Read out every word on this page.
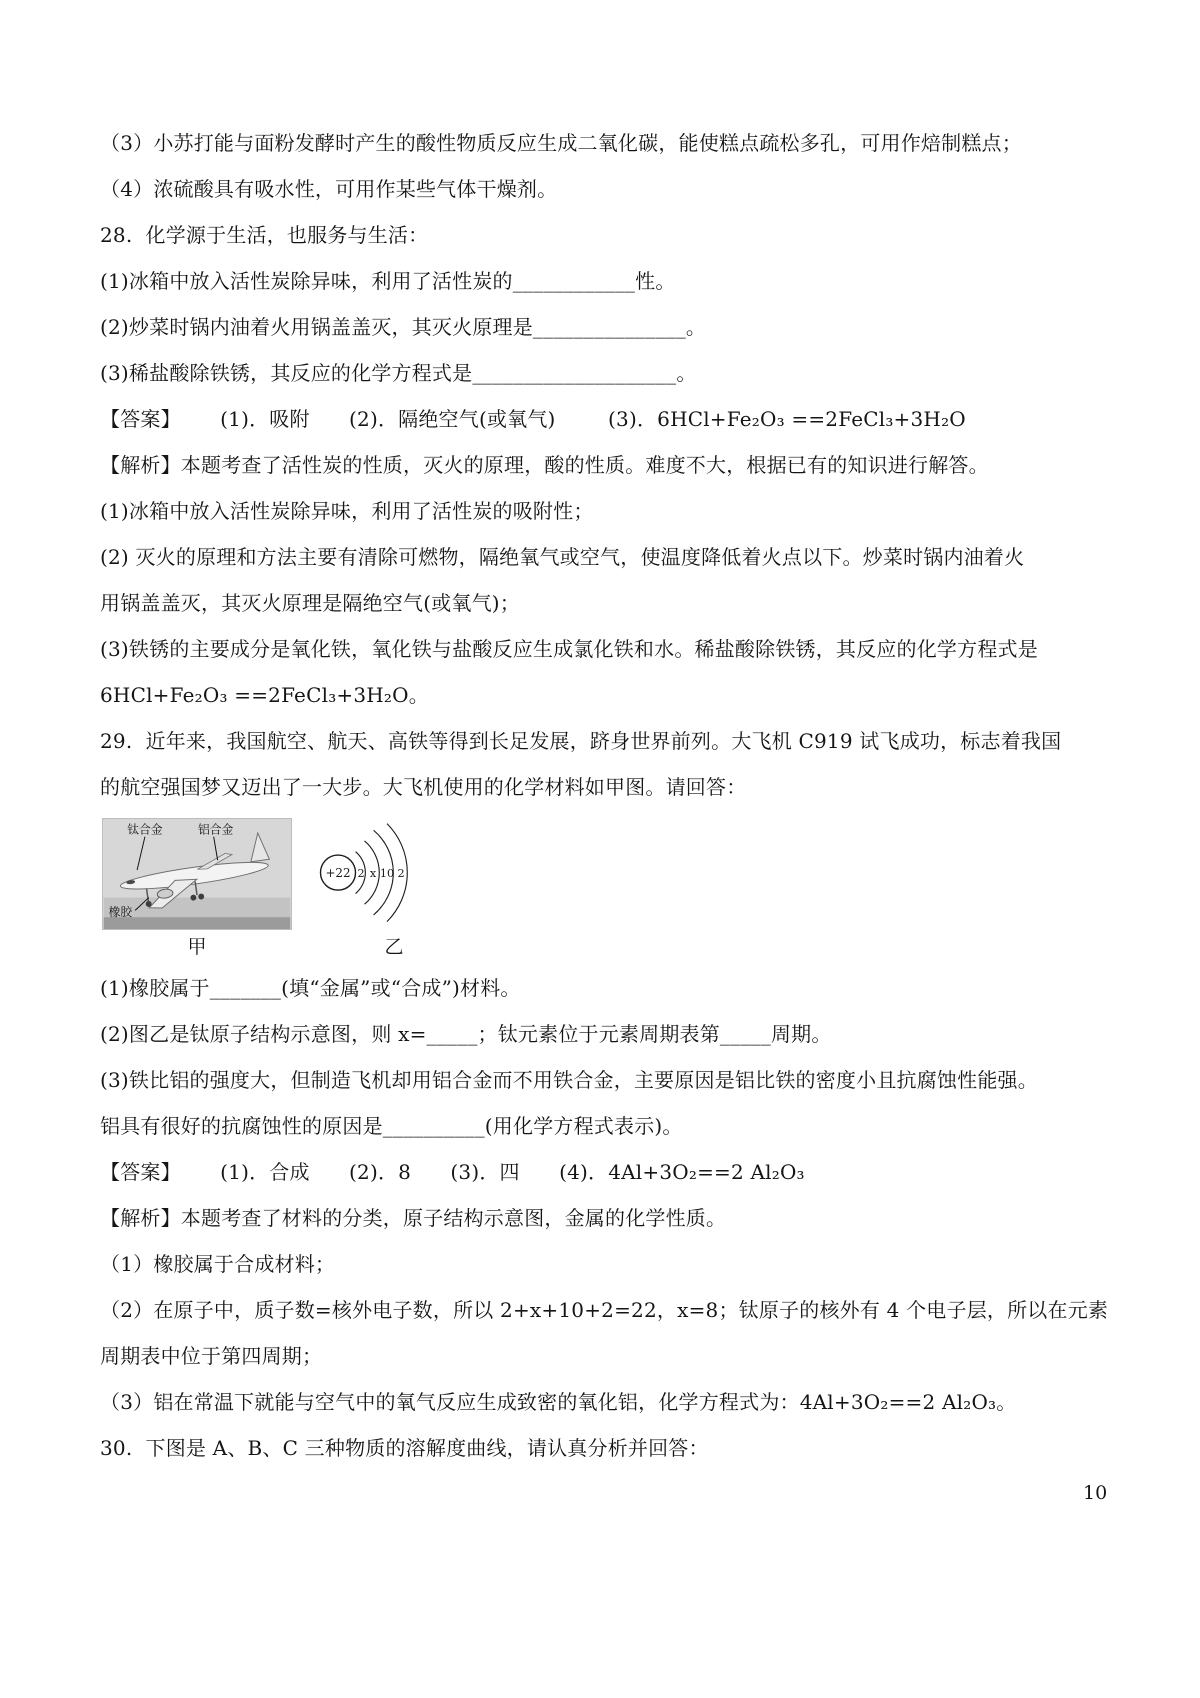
（3）小苏打能与面粉发酵时产生的酸性物质反应生成二氧化碳，能使糕点疏松多孔，可用作焙制糕点；

（4）浓硫酸具有吸水性，可用作某些气体干燥剂。

28.  化学源于生活，也服务与生活：

(1)冰箱中放入活性炭除异味，利用了活性炭的____________性。

(2)炒菜时锅内油着火用锅盖盖灭，其灭火原理是_______________。

(3)稀盐酸除铁锈，其反应的化学方程式是____________________。

【答案】      (1)．吸附      (2)．隔绝空气(或氧气)        (3)．6HCl+Fe₂O₃ ==2FeCl₃+3H₂O

【解析】本题考查了活性炭的性质，灭火的原理，酸的性质。难度不大，根据已有的知识进行解答。

(1)冰箱中放入活性炭除异味，利用了活性炭的吸附性；

(2) 灭火的原理和方法主要有清除可燃物，隔绝氧气或空气，使温度降低着火点以下。炒菜时锅内油着火

用锅盖盖灭，其灭火原理是隔绝空气(或氧气)；

(3)铁锈的主要成分是氧化铁，氧化铁与盐酸反应生成氯化铁和水。稀盐酸除铁锈，其反应的化学方程式是

6HCl+Fe₂O₃ ==2FeCl₃+3H₂O。

29.  近年来，我国航空、航天、高铁等得到长足发展，跻身世界前列。大飞机 C919 试飞成功，标志着我国

的航空强国梦又迈出了一大步。大飞机使用的化学材料如甲图。请回答：

钛合金	铝合金
橡胶
甲
+22 2 x 10 2
乙

(1)橡胶属于_______(填“金属”或“合成”)材料。

(2)图乙是钛原子结构示意图，则 x=_____；钛元素位于元素周期表第_____周期。

(3)铁比铝的强度大，但制造飞机却用铝合金而不用铁合金，主要原因是铝比铁的密度小且抗腐蚀性能强。

铝具有很好的抗腐蚀性的原因是__________(用化学方程式表示)。

【答案】      (1)．合成      (2)．8      (3)．四      (4)．4Al+3O₂==2 Al₂O₃

【解析】本题考查了材料的分类，原子结构示意图，金属的化学性质。

（1）橡胶属于合成材料；

（2）在原子中，质子数=核外电子数，所以 2+x+10+2=22，x=8；钛原子的核外有 4 个电子层，所以在元素

周期表中位于第四周期；

（3）铝在常温下就能与空气中的氧气反应生成致密的氧化铝，化学方程式为：4Al+3O₂==2 Al₂O₃。

30.  下图是 A、B、C 三种物质的溶解度曲线，请认真分析并回答：

10
